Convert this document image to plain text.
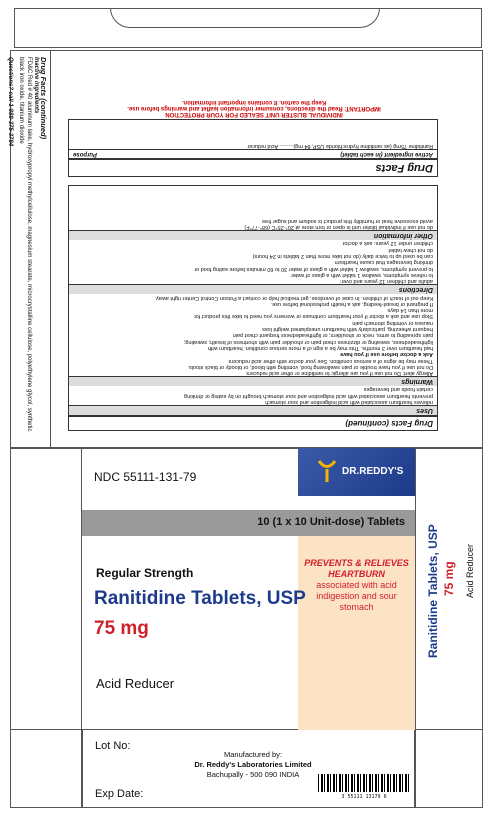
INDIVIDUAL BLISTER UNIT SEALED FOR YOUR PROTECTION
IMPORTANT: Read the directions, consumer information leaflet and warnings before use.
Keep the carton. It contains important information.
Drug Facts
Active ingredient (in each tablet)
Purpose
Ranitidine 75mg (as ranitidine hydrochloride USP, 84 mg)..........Acid reducer
Drug Facts (continued)
Uses
relieves heartburn associated with acid indigestion and sour stomach
prevents heartburn associated with acid indigestion and sour stomach brought on by eating or drinking
certain foods and beverages
Warnings
Allergy alert: Do not use if you are allergic to ranitidine or other acid reducers
Do not use if you have trouble or pain swallowing food, vomiting with blood, or bloody or black stools.
These may be signs of a serious condition. See your doctor with other acid reducers
Ask a doctor before use if you have
had heartburn over 3 months. This may be a sign of a more serious condition. heartburn with
lightheadedness, sweating or dizziness chest pain or shoulder pain with shortness of breath; sweating;
pain spreading to arms, neck or shoulders; or lightheadedness frequent chest pain
frequent wheezing, particularly with heartburn unexplained weight loss
nausea or vomiting stomach pain
Stop use and ask a doctor if your heartburn continues or worsens you need to take this product for
more than 14 days
If pregnant or breast-feeding, ask a health professional before use.
Keep out of reach of children. In case of overdose, get medical help or contact a Poison Control Center right away.
Directions
adults and children 12 years and over:
to relieve symptoms, swallow 1 tablet with a glass of water
to prevent symptoms, swallow 1 tablet with a glass of water 30 to 60 minutes before eating food or
drinking beverages that cause heartburn
can be used up to twice daily (do not take more than 2 tablets in 24 hours)
do not chew tablet
children under 12 years: ask a doctor
Other information
do not use if individual blister unit is open or torn store at 20°-25°C (68°-77°F)
avoid excessive heat or humidity this product is sodium and sugar free
Drug Facts (continued)
Inactive ingredients
FD&C Red # 40 aluminum lake, hydroxypropyl methylcellulose, magnesium stearate, microcrystalline cellulose, polyethylene glycol, synthetic black iron oxide, titanium dioxide
Questions? call 1-888-375-3784
DR.REDDY'S
NDC 55111-131-79
10 (1 x 10 Unit-dose) Tablets
PREVENTS & RELIEVES
HEARTBURN
associated with acid indigestion and sour stomach
Regular Strength
Ranitidine Tablets, USP
75 mg
Acid Reducer
Ranitidine Tablets, USP 75 mg	Acid Reducer
Lot No:
Exp Date:
Manufactured by:
Dr. Reddy's Laboratories Limited
Bachupally - 500 090 INDIA
3 55111 13179 6
